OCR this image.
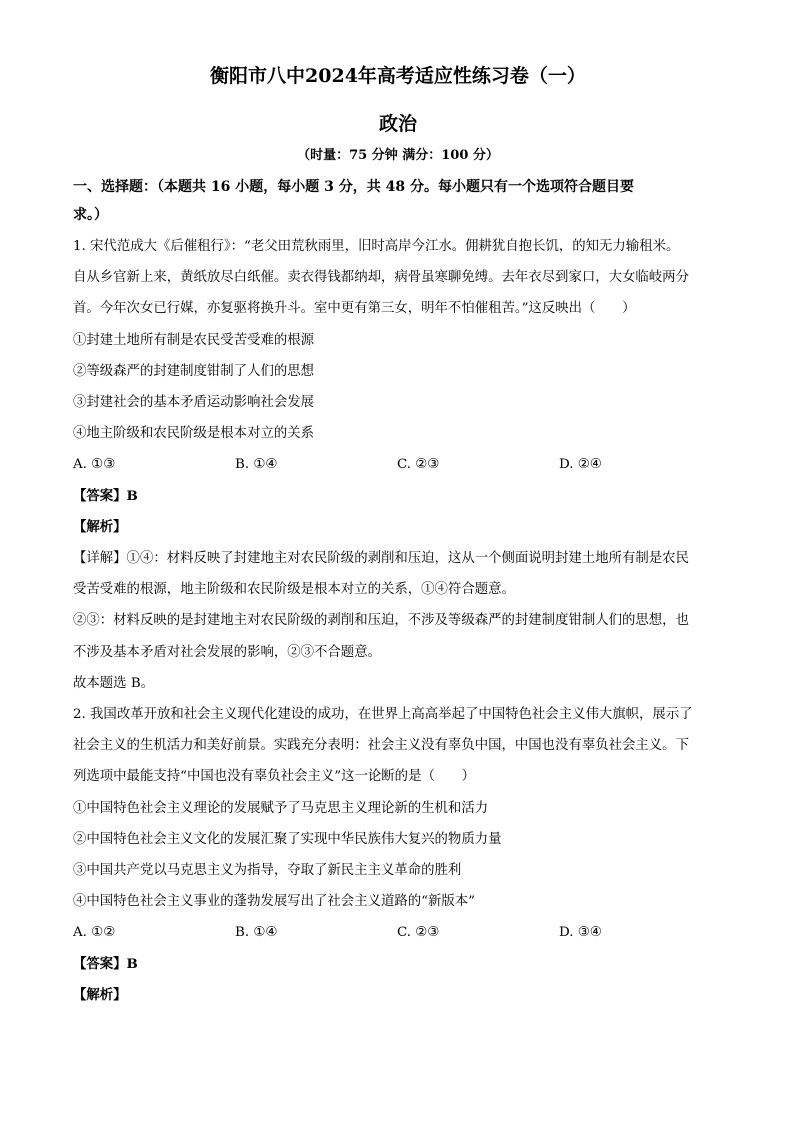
衡阳市八中2024年高考适应性练习卷（一）
政治
（时量：75 分钟 满分：100 分）
一、选择题：（本题共 16 小题，每小题 3 分，共 48 分。每小题只有一个选项符合题目要
求。）
1. 宋代范成大《后催租行》：“老父田荒秋雨里，旧时高岸今江水。佣耕犹自抱长饥，的知无力输租米。
自从乡官新上来，黄纸放尽白纸催。卖衣得钱都纳却，病骨虽寒聊免缚。去年衣尽到家口，大女临岐两分
首。今年次女已行媒，亦复驱将换升斗。室中更有第三女，明年不怕催租苦。”这反映出（　　）
①封建土地所有制是农民受苦受难的根源
②等级森严的封建制度钳制了人们的思想
③封建社会的基本矛盾运动影响社会发展
④地主阶级和农民阶级是根本对立的关系
A. ①③	B. ①④	C. ②③	D. ②④
【答案】B
【解析】
【详解】①④：材料反映了封建地主对农民阶级的剥削和压迫，这从一个侧面说明封建土地所有制是农民
受苦受难的根源，地主阶级和农民阶级是根本对立的关系，①④符合题意。
②③：材料反映的是封建地主对农民阶级的剥削和压迫，不涉及等级森严的封建制度钳制人们的思想，也
不涉及基本矛盾对社会发展的影响，②③不合题意。
故本题选 B。
2. 我国改革开放和社会主义现代化建设的成功，在世界上高高举起了中国特色社会主义伟大旗帜，展示了
社会主义的生机活力和美好前景。实践充分表明：社会主义没有辜负中国，中国也没有辜负社会主义。下
列选项中最能支持“中国也没有辜负社会主义”这一论断的是（　　）
①中国特色社会主义理论的发展赋予了马克思主义理论新的生机和活力
②中国特色社会主义文化的发展汇聚了实现中华民族伟大复兴的物质力量
③中国共产党以马克思主义为指导，夺取了新民主主义革命的胜利
④中国特色社会主义事业的蓬勃发展写出了社会主义道路的“新版本”
A. ①②	B. ①④	C. ②③	D. ③④
【答案】B
【解析】
